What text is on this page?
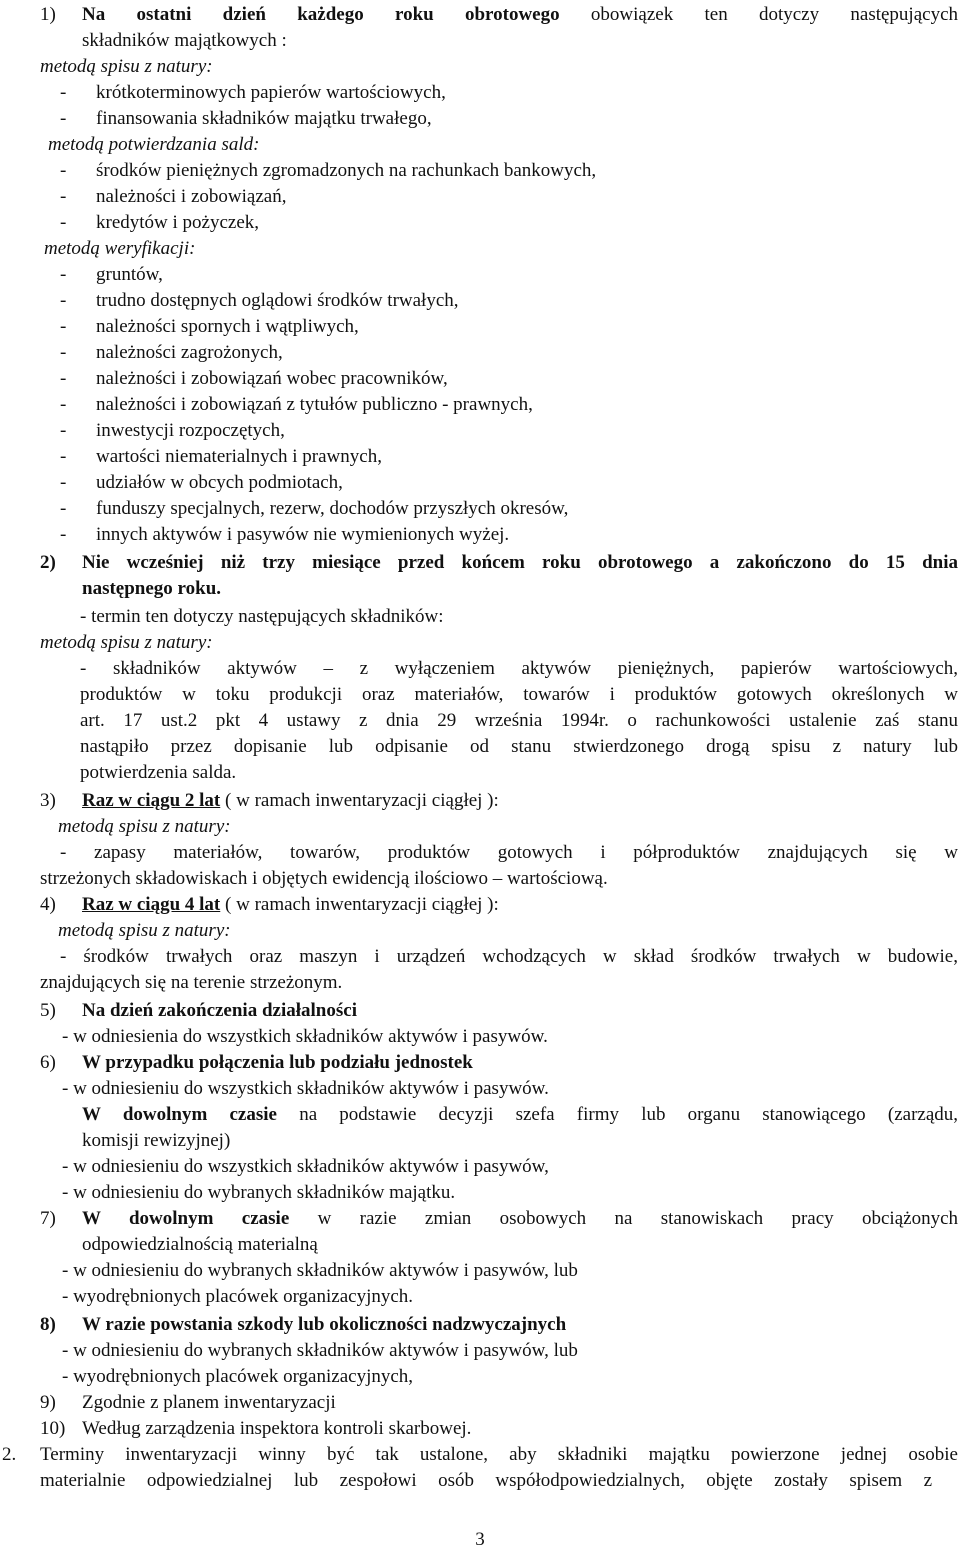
1) Na ostatni dzień każdego roku obrotowego obowiązek ten dotyczy następujących
składników majątkowych :
metodą spisu z natury:
- krótkoterminowych papierów wartościowych,
- finansowania składników majątku trwałego,
metodą potwierdzania sald:
- środków pieniężnych zgromadzonych na rachunkach bankowych,
- należności i zobowiązań,
- kredytów i pożyczek,
metodą weryfikacji:
- gruntów,
- trudno dostępnych oglądowi środków trwałych,
- należności spornych i wątpliwych,
- należności zagrożonych,
- należności i zobowiązań wobec pracowników,
- należności i zobowiązań z tytułów publiczno - prawnych,
- inwestycji rozpoczętych,
- wartości niematerialnych i prawnych,
- udziałów w obcych podmiotach,
- funduszy specjalnych, rezerw, dochodów przyszłych okresów,
- innych aktywów i pasywów nie wymienionych wyżej.
2) Nie wcześniej niż trzy miesiące przed końcem roku obrotowego a zakończono do 15 dnia
następnego roku.
- termin ten dotyczy następujących składników:
metodą spisu z natury:
- składników aktywów – z wyłączeniem aktywów pieniężnych, papierów wartościowych,
produktów w toku produkcji oraz materiałów, towarów i produktów gotowych określonych w
art. 17 ust.2 pkt 4 ustawy z dnia 29 września 1994r. o rachunkowości ustalenie zaś stanu
nastąpiło przez dopisanie lub odpisanie od stanu stwierdzonego drogą spisu z natury lub
potwierdzenia salda.
3) Raz w ciągu 2 lat ( w ramach inwentaryzacji ciągłej ):
metodą spisu z natury:
- zapasy materiałów, towarów, produktów gotowych i półproduktów znajdujących się w
strzeżonych składowiskach i objętych ewidencją ilościowo – wartościową.
4) Raz w ciągu 4 lat ( w ramach inwentaryzacji ciągłej ):
metodą spisu z natury:
- środków trwałych oraz maszyn i urządzeń wchodzących w skład środków trwałych w budowie,
znajdujących się na terenie strzeżonym.
5) Na dzień zakończenia działalności
- w odniesienia do wszystkich składników aktywów i pasywów.
6) W przypadku połączenia lub podziału jednostek
- w odniesieniu do wszystkich składników aktywów i pasywów.
W dowolnym czasie na podstawie decyzji szefa firmy lub organu stanowiącego (zarządu,
komisji rewizyjnej)
- w odniesieniu do wszystkich składników aktywów i pasywów,
- w odniesieniu do wybranych składników majątku.
7) W dowolnym czasie w razie zmian osobowych na stanowiskach pracy obciążonych
odpowiedzialnością materialną
- w odniesieniu do wybranych składników aktywów i pasywów, lub
- wyodrębnionych placówek organizacyjnych.
8) W razie powstania szkody lub okoliczności nadzwyczajnych
- w odniesieniu do wybranych składników aktywów i pasywów, lub
- wyodrębnionych placówek organizacyjnych,
9) Zgodnie z planem inwentaryzacji
10) Według zarządzenia inspektora kontroli skarbowej.
2. Terminy inwentaryzacji winny być tak ustalone, aby składniki majątku powierzone jednej osobie
materialnie odpowiedzialnej lub zespołowi osób współodpowiedzialnych, objęte zostały spisem z
3
